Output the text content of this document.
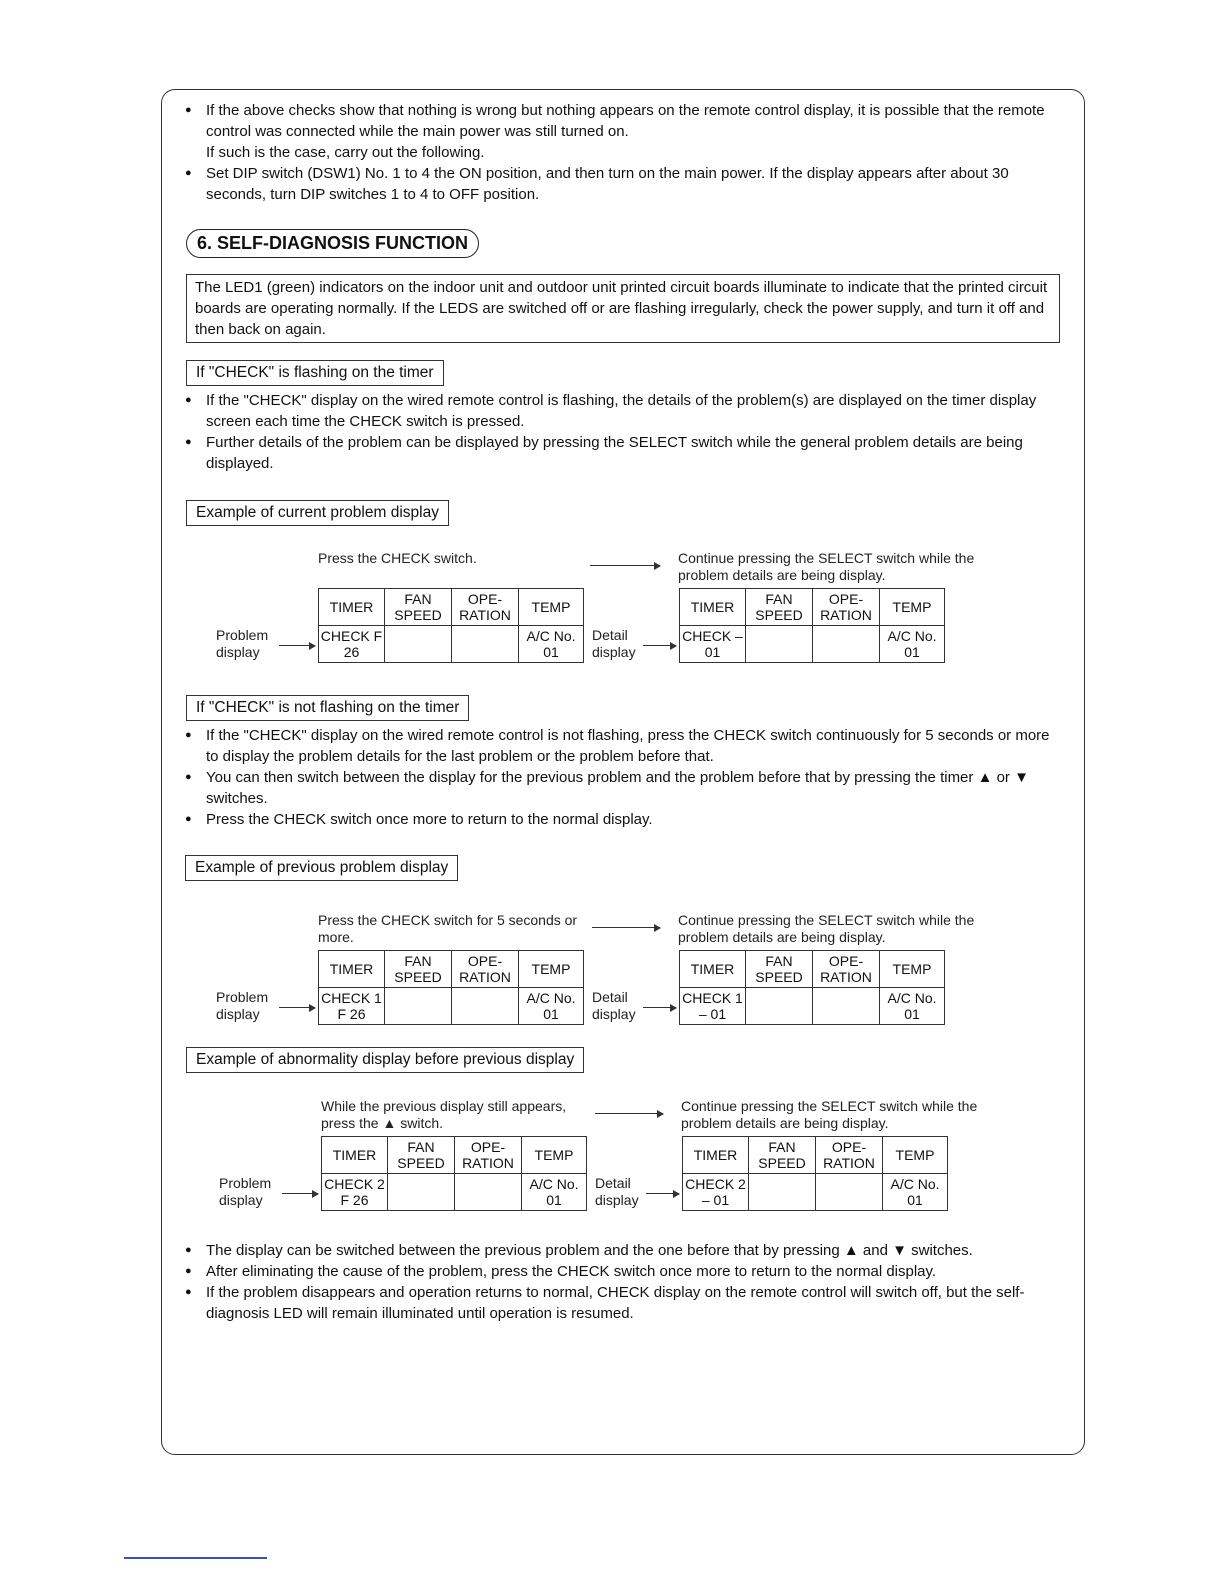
● If the above checks show that nothing is wrong but nothing appears on the remote control display, it is possible that the remote control was connected while the main power was still turned on.
If such is the case, carry out the following.
● Set DIP switch (DSW1) No. 1 to 4 the ON position, and then turn on the main power. If the display appears after about 30 seconds, turn DIP switches 1 to 4 to OFF position.
6. SELF-DIAGNOSIS FUNCTION
The LED1 (green) indicators on the indoor unit and outdoor unit printed circuit boards illuminate to indicate that the printed circuit boards are operating normally. If the LEDS are switched off or are flashing irregularly, check the power supply, and turn it off and then back on again.
If "CHECK" is flashing on the timer
● If the "CHECK" display on the wired remote control is flashing, the details of the problem(s) are displayed on the timer display screen each time the CHECK switch is pressed.
● Further details of the problem can be displayed by pressing the SELECT switch while the general problem details are being displayed.
Example of current problem display
Press the CHECK switch.	Continue pressing the SELECT switch while the problem details are being display.
Problem display
TIMER	FAN SPEED	OPE-RATION	TEMP
CHECK F 26			A/C No. 01
Detail display
TIMER	FAN SPEED	OPE-RATION	TEMP
CHECK – 01			A/C No. 01
If "CHECK" is not flashing on the timer
● If the "CHECK" display on the wired remote control is not flashing, press the CHECK switch continuously for 5 seconds or more to display the problem details for the last problem or the problem before that.
● You can then switch between the display for the previous problem and the problem before that by pressing the timer ▲ or ▼ switches.
● Press the CHECK switch once more to return to the normal display.
Example of previous problem display
Press the CHECK switch for 5 seconds or more.
Continue pressing the SELECT switch while the problem details are being display.
Problem display
TIMER	FAN SPEED	OPE-RATION	TEMP
CHECK 1 F 26			A/C No. 01
Detail display
TIMER	FAN SPEED	OPE-RATION	TEMP
CHECK 1 – 01			A/C No. 01
Example of abnormality display before previous display
While the previous display still appears, press the ▲ switch.
Continue pressing the SELECT switch while the problem details are being display.
Problem display
TIMER	FAN SPEED	OPE-RATION	TEMP
CHECK 2 F 26			A/C No. 01
Detail display
TIMER	FAN SPEED	OPE-RATION	TEMP
CHECK 2 – 01			A/C No. 01
● The display can be switched between the previous problem and the one before that by pressing ▲ and ▼ switches.
● After eliminating the cause of the problem, press the CHECK switch once more to return to the normal display.
● If the problem disappears and operation returns to normal, CHECK display on the remote control will switch off, but the self-diagnosis LED will remain illuminated until operation is resumed.
